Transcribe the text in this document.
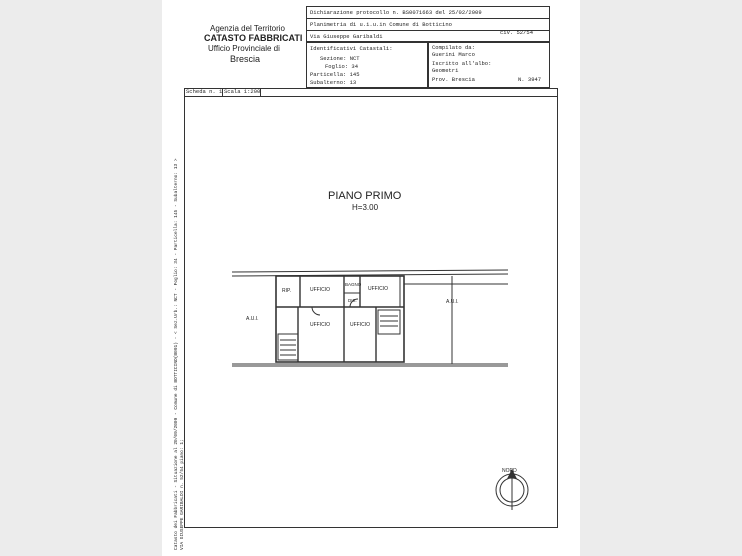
Agenzia del Territorio
CATASTO FABBRICATI
Ufficio Provinciale di
Brescia
Dichiarazione protocollo n. BS0071663 del 25/02/2009
Planimetria di u.i.u.in Comune di Botticino
Via Giuseppe Garibaldi
civ. 52/54
Identificativi Catastali:
Sezione: NCT
Foglio: 34
Particella: 145
Subalterno: 13
Compilato da:
Guerini Marco
Iscritto all'albo:
Geometri
Prov. Brescia	N. 3947
Scheda n. 1 Scala 1:200
PIANO PRIMO
H=3.00
RIP.	UFFICIO
BAGNO
DIS.
UFFICIO
UFFICIO	UFFICIO
A.U.I.
A.U.I.
NORD
Catasto dei Fabbricati - Situazione al 20/09/2009 - Comune di BOTTICINO(B091) - < Sez.Urb.: NCT - Foglio: 34 - Particella: 145 - Subalterno: 13 > VIA GIUSEPPE GARIBALDI n. 52/54 piano: 1;
